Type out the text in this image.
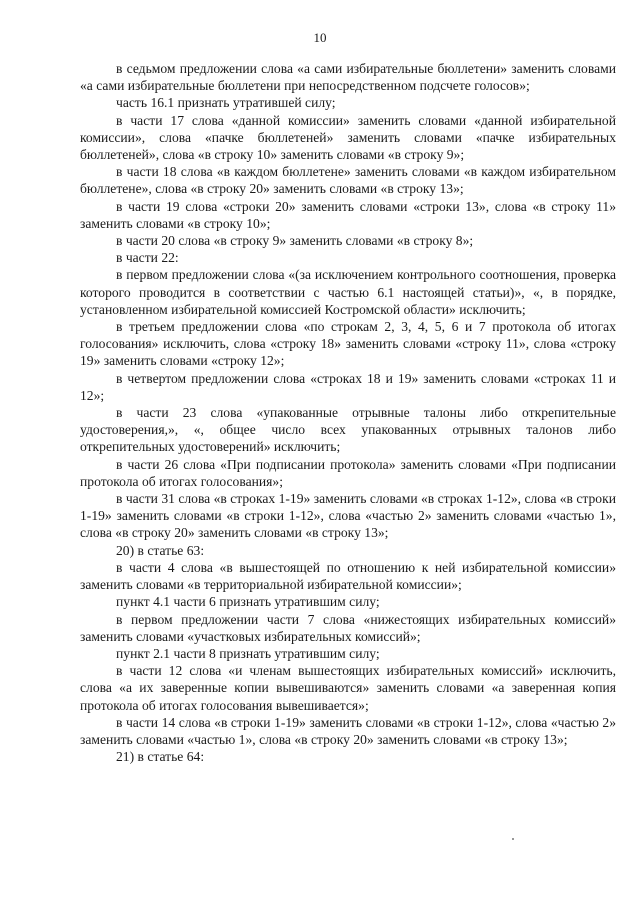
10

в седьмом предложении слова «а сами избирательные бюллетени» заменить словами «а сами избирательные бюллетени при непосредственном подсчете голосов»;

часть 16.1 признать утратившей силу;

в части 17 слова «данной комиссии» заменить словами «данной избирательной комиссии», слова «пачке бюллетеней» заменить словами «пачке избирательных бюллетеней», слова «в строку 10» заменить словами «в строку 9»;

в части 18 слова «в каждом бюллетене» заменить словами «в каждом избирательном бюллетене», слова «в строку 20» заменить словами «в строку 13»;

в части 19 слова «строки 20» заменить словами «строки 13», слова «в строку 11» заменить словами «в строку 10»;

в части 20 слова «в строку 9» заменить словами «в строку 8»;

в части 22:

в первом предложении слова «(за исключением контрольного соотношения, проверка которого проводится в соответствии с частью 6.1 настоящей статьи)», «, в порядке, установленном избирательной комиссией Костромской области» исключить;

в третьем предложении слова «по строкам 2, 3, 4, 5, 6 и 7 протокола об итогах голосования» исключить, слова «строку 18» заменить словами «строку 11», слова «строку 19» заменить словами «строку 12»;

в четвертом предложении слова «строках 18 и 19» заменить словами «строках 11 и 12»;

в части 23 слова «упакованные отрывные талоны либо открепительные удостоверения,», «, общее число всех упакованных отрывных талонов либо открепительных удостоверений» исключить;

в части 26 слова «При подписании протокола» заменить словами «При подписании протокола об итогах голосования»;

в части 31 слова «в строках 1-19» заменить словами «в строках 1-12», слова «в строки 1-19» заменить словами «в строки 1-12», слова «частью 2» заменить словами «частью 1», слова «в строку 20» заменить словами «в строку 13»;

20) в статье 63:

в части 4 слова «в вышестоящей по отношению к ней избирательной комиссии» заменить словами «в территориальной избирательной комиссии»;

пункт 4.1 части 6 признать утратившим силу;

в первом предложении части 7 слова «нижестоящих избирательных комиссий» заменить словами «участковых избирательных комиссий»;

пункт 2.1 части 8 признать утратившим силу;

в части 12 слова «и членам вышестоящих избирательных комиссий» исключить, слова «а их заверенные копии вывешиваются» заменить словами «а заверенная копия протокола об итогах голосования вывешивается»;

в части 14 слова «в строки 1-19» заменить словами «в строки 1-12», слова «частью 2» заменить словами «частью 1», слова «в строку 20» заменить словами «в строку 13»;

21) в статье 64:
